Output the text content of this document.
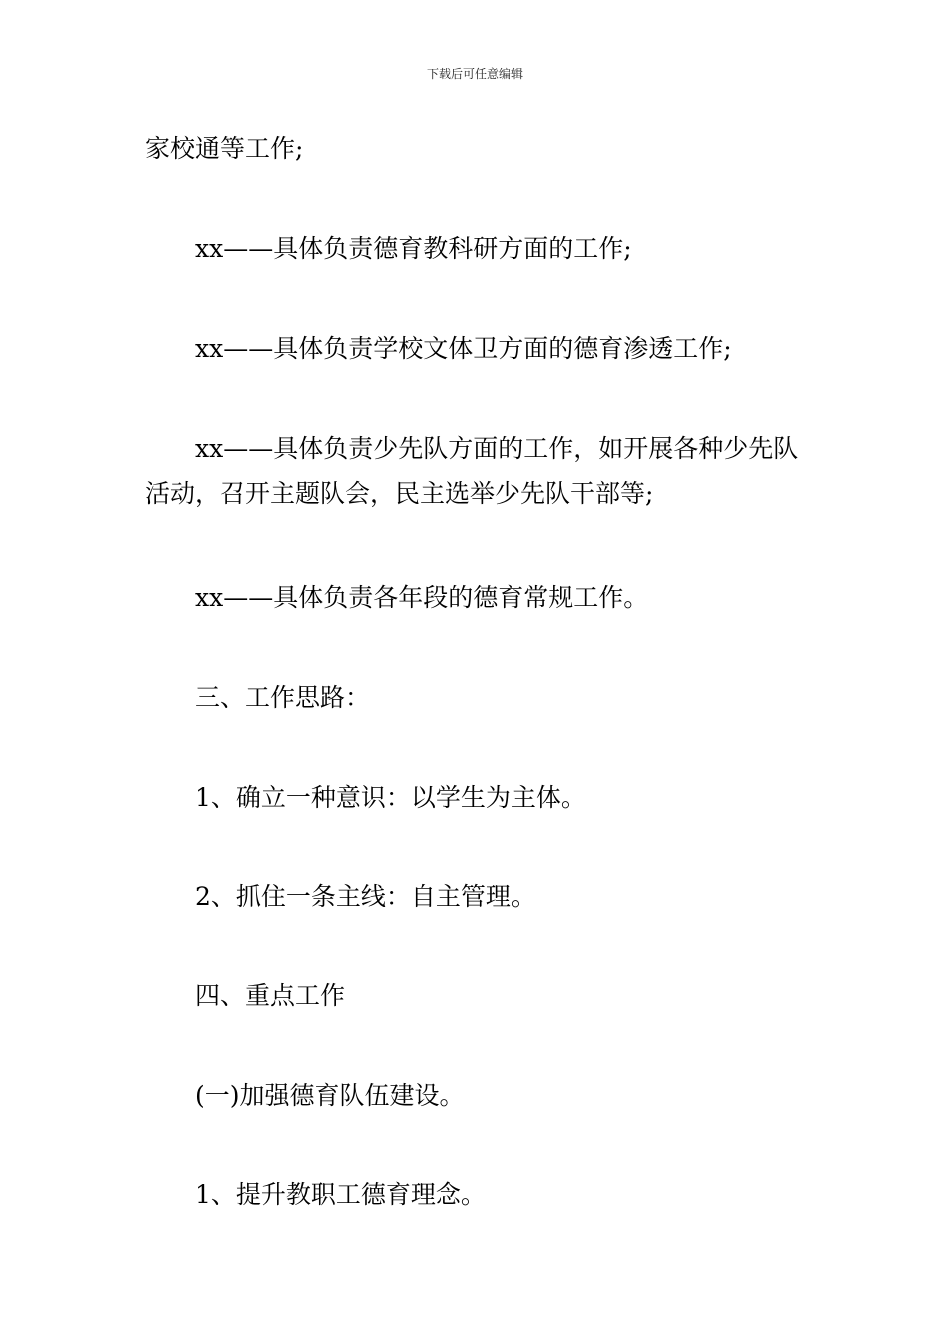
下载后可任意编辑

家校通等工作;

xx——具体负责德育教科研方面的工作;

xx——具体负责学校文体卫方面的德育渗透工作;

xx——具体负责少先队方面的工作，如开展各种少先队活动，召开主题队会，民主选举少先队干部等;

xx——具体负责各年段的德育常规工作。

三、工作思路：

1、确立一种意识：以学生为主体。

2、抓住一条主线：自主管理。

四、重点工作

(一)加强德育队伍建设。

1、提升教职工德育理念。
